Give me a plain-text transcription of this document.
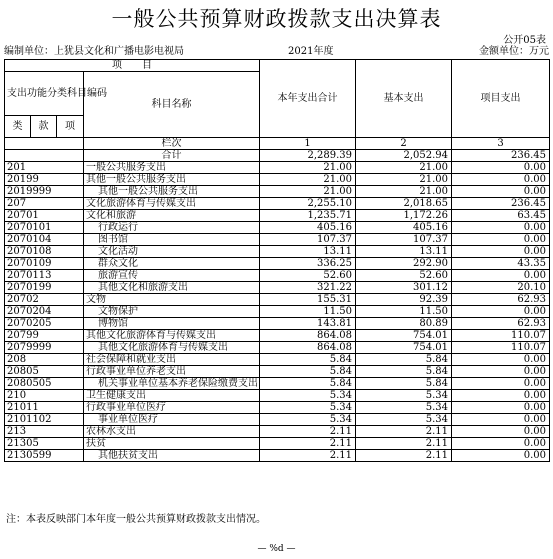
一般公共预算财政拨款支出决算表
公开05表
编制单位：上犹县文化和广播电影电视局	2021年度	金额单位：万元
项　　目				本年支出合计	基本支出	项目支出
支出功能分类科目编码			科目名称			
类	款	项				
			栏次	1	2	3
			合计	2,289.39	2,052.94	236.45
201			一般公共服务支出	21.00	21.00	0.00
20199			其他一般公共服务支出	21.00	21.00	0.00
2019999			其他一般公共服务支出	21.00	21.00	0.00
207			文化旅游体育与传媒支出	2,255.10	2,018.65	236.45
20701			文化和旅游	1,235.71	1,172.26	63.45
2070101			行政运行	405.16	405.16	0.00
2070104			图书馆	107.37	107.37	0.00
2070108			文化活动	13.11	13.11	0.00
2070109			群众文化	336.25	292.90	43.35
2070113			旅游宣传	52.60	52.60	0.00
2070199			其他文化和旅游支出	321.22	301.12	20.10
20702			文物	155.31	92.39	62.93
2070204			文物保护	11.50	11.50	0.00
2070205			博物馆	143.81	80.89	62.93
20799			其他文化旅游体育与传媒支出	864.08	754.01	110.07
2079999			其他文化旅游体育与传媒支出	864.08	754.01	110.07
208			社会保障和就业支出	5.84	5.84	0.00
20805			行政事业单位养老支出	5.84	5.84	0.00
2080505			机关事业单位基本养老保险缴费支出	5.84	5.84	0.00
210			卫生健康支出	5.34	5.34	0.00
21011			行政事业单位医疗	5.34	5.34	0.00
2101102			事业单位医疗	5.34	5.34	0.00
213			农林水支出	2.11	2.11	0.00
21305			扶贫	2.11	2.11	0.00
2130599			其他扶贫支出	2.11	2.11	0.00
注：本表反映部门本年度一般公共预算财政拨款支出情况。
— %d —
